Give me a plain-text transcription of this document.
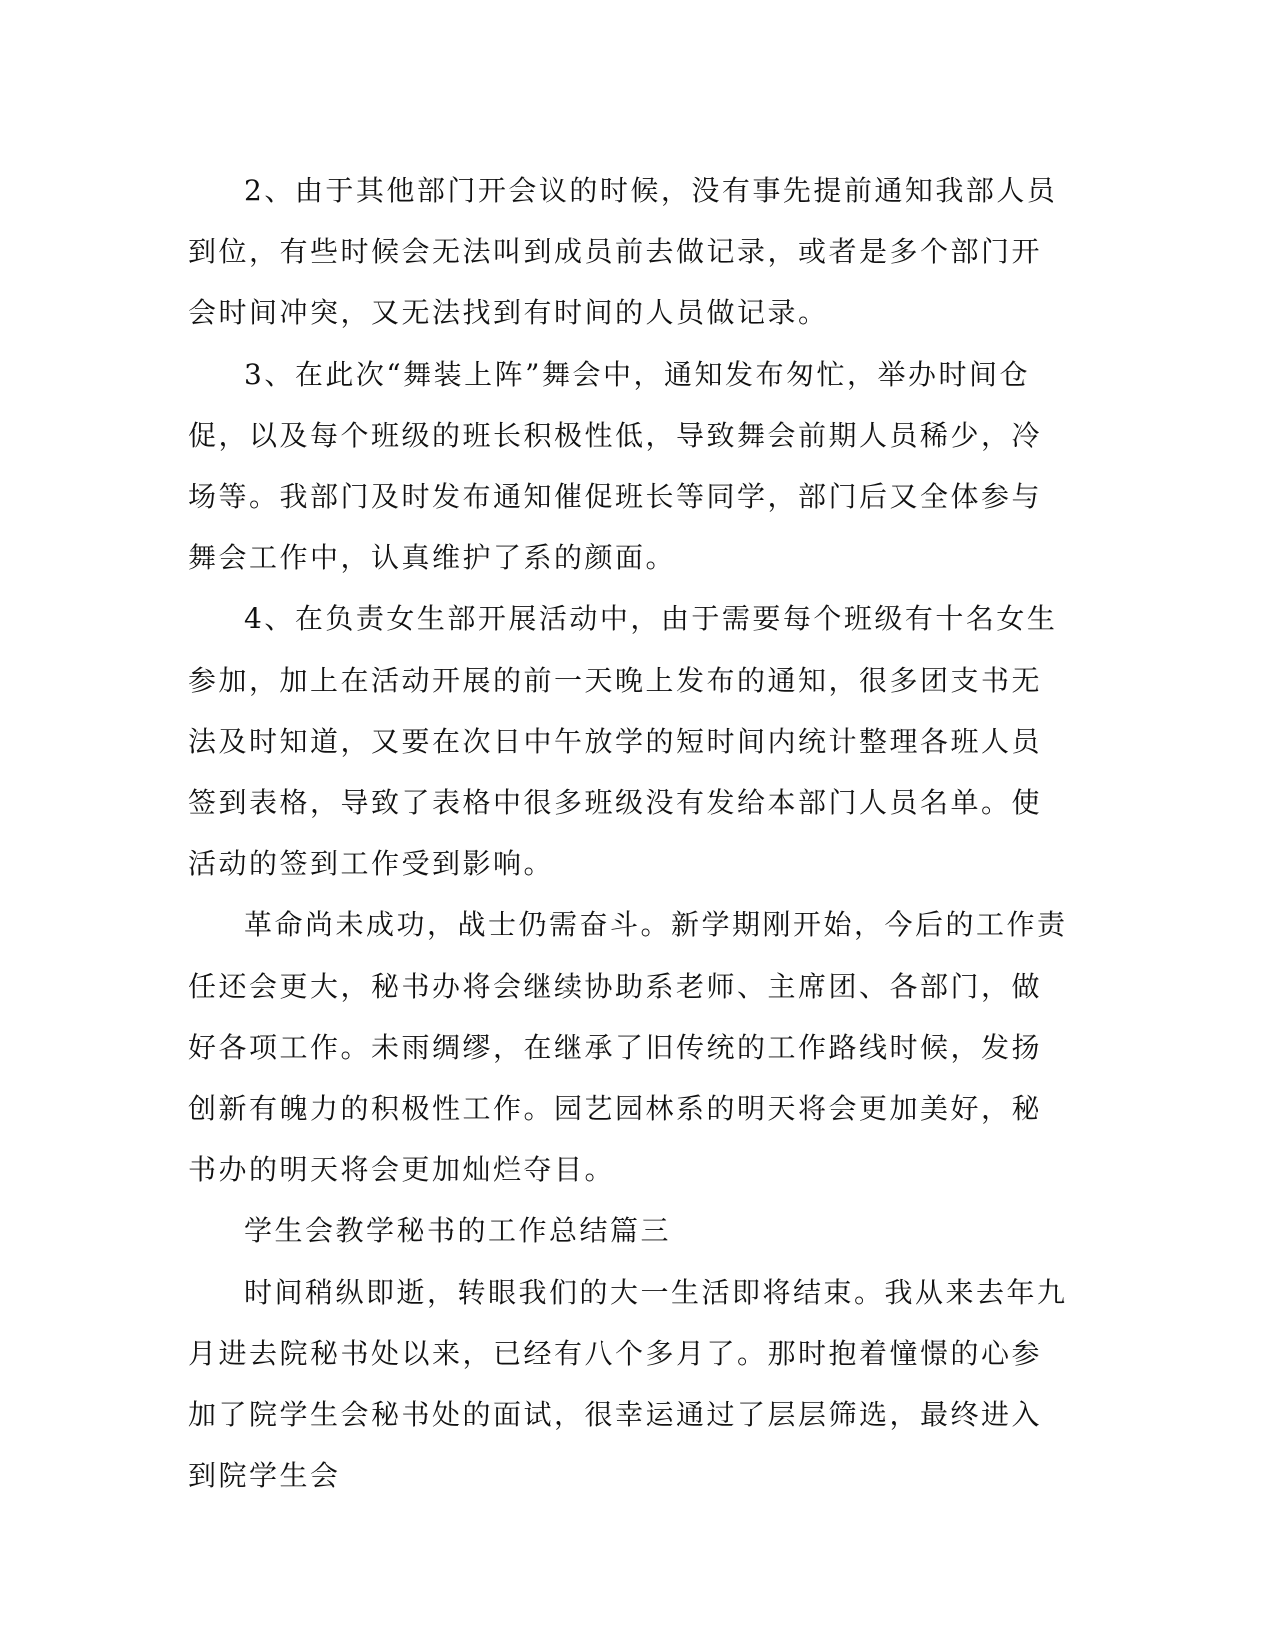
2、由于其他部门开会议的时候，没有事先提前通知我部人员到位，有些时候会无法叫到成员前去做记录，或者是多个部门开会时间冲突，又无法找到有时间的人员做记录。

3、在此次“舞装上阵”舞会中，通知发布匆忙，举办时间仓促，以及每个班级的班长积极性低，导致舞会前期人员稀少，冷场等。我部门及时发布通知催促班长等同学，部门后又全体参与舞会工作中，认真维护了系的颜面。

4、在负责女生部开展活动中，由于需要每个班级有十名女生参加，加上在活动开展的前一天晚上发布的通知，很多团支书无法及时知道，又要在次日中午放学的短时间内统计整理各班人员签到表格，导致了表格中很多班级没有发给本部门人员名单。使活动的签到工作受到影响。

革命尚未成功，战士仍需奋斗。新学期刚开始，今后的工作责任还会更大，秘书办将会继续协助系老师、主席团、各部门，做好各项工作。未雨绸缪，在继承了旧传统的工作路线时候，发扬创新有魄力的积极性工作。园艺园林系的明天将会更加美好，秘书办的明天将会更加灿烂夺目。

学生会教学秘书的工作总结篇三

时间稍纵即逝，转眼我们的大一生活即将结束。我从来去年九月进去院秘书处以来，已经有八个多月了。那时抱着憧憬的心参加了院学生会秘书处的面试，很幸运通过了层层筛选，最终进入到院学生会
